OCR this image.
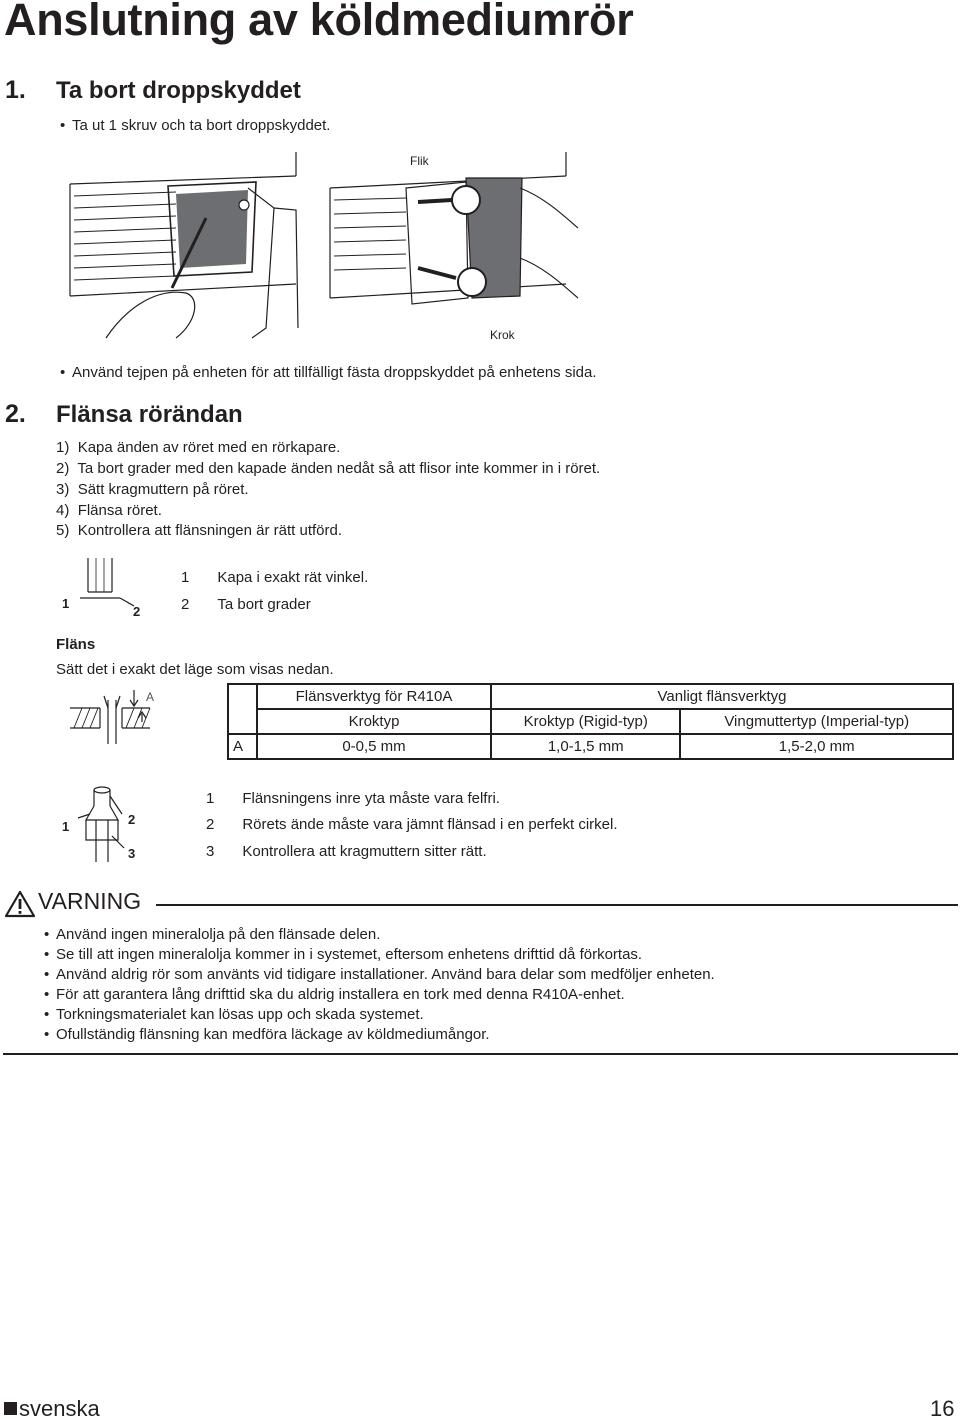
Anslutning av köldmediumrör
1. Ta bort droppskyddet
• Ta ut 1 skruv och ta bort droppskyddet.
Flik
Krok
• Använd tejpen på enheten för att tillfälligt fästa droppskyddet på enhetens sida.
2. Flänsa rörändan
1) Kapa änden av röret med en rörkapare.
2) Ta bort grader med den kapade änden nedåt så att flisor inte kommer in i röret.
3) Sätt kragmuttern på röret.
4) Flänsa röret.
5) Kontrollera att flänsningen är rätt utförd.
1
2
1 Kapa i exakt rät vinkel.
2 Ta bort grader
Fläns
Sätt det i exakt det läge som visas nedan.
A
		Flänsverktyg för R410A	Vanligt flänsverktyg	
	Kroktyp	Kroktyp (Rigid-typ)	Vingmuttertyp (Imperial-typ)
A	0-0,5 mm	1,0-1,5 mm	1,5-2,0 mm
1	2
3
1 Flänsningens inre yta måste vara felfri.
2 Rörets ände måste vara jämnt flänsad i en perfekt cirkel.
3 Kontrollera att kragmuttern sitter rätt.
VARNING
• Använd ingen mineralolja på den flänsade delen.
• Se till att ingen mineralolja kommer in i systemet, eftersom enhetens drifttid då förkortas.
• Använd aldrig rör som använts vid tidigare installationer. Använd bara delar som medföljer enheten.
• För att garantera lång drifttid ska du aldrig installera en tork med denna R410A-enhet.
• Torkningsmaterialet kan lösas upp och skada systemet.
• Ofullständig flänsning kan medföra läckage av köldmediumångor.
svenska	16
